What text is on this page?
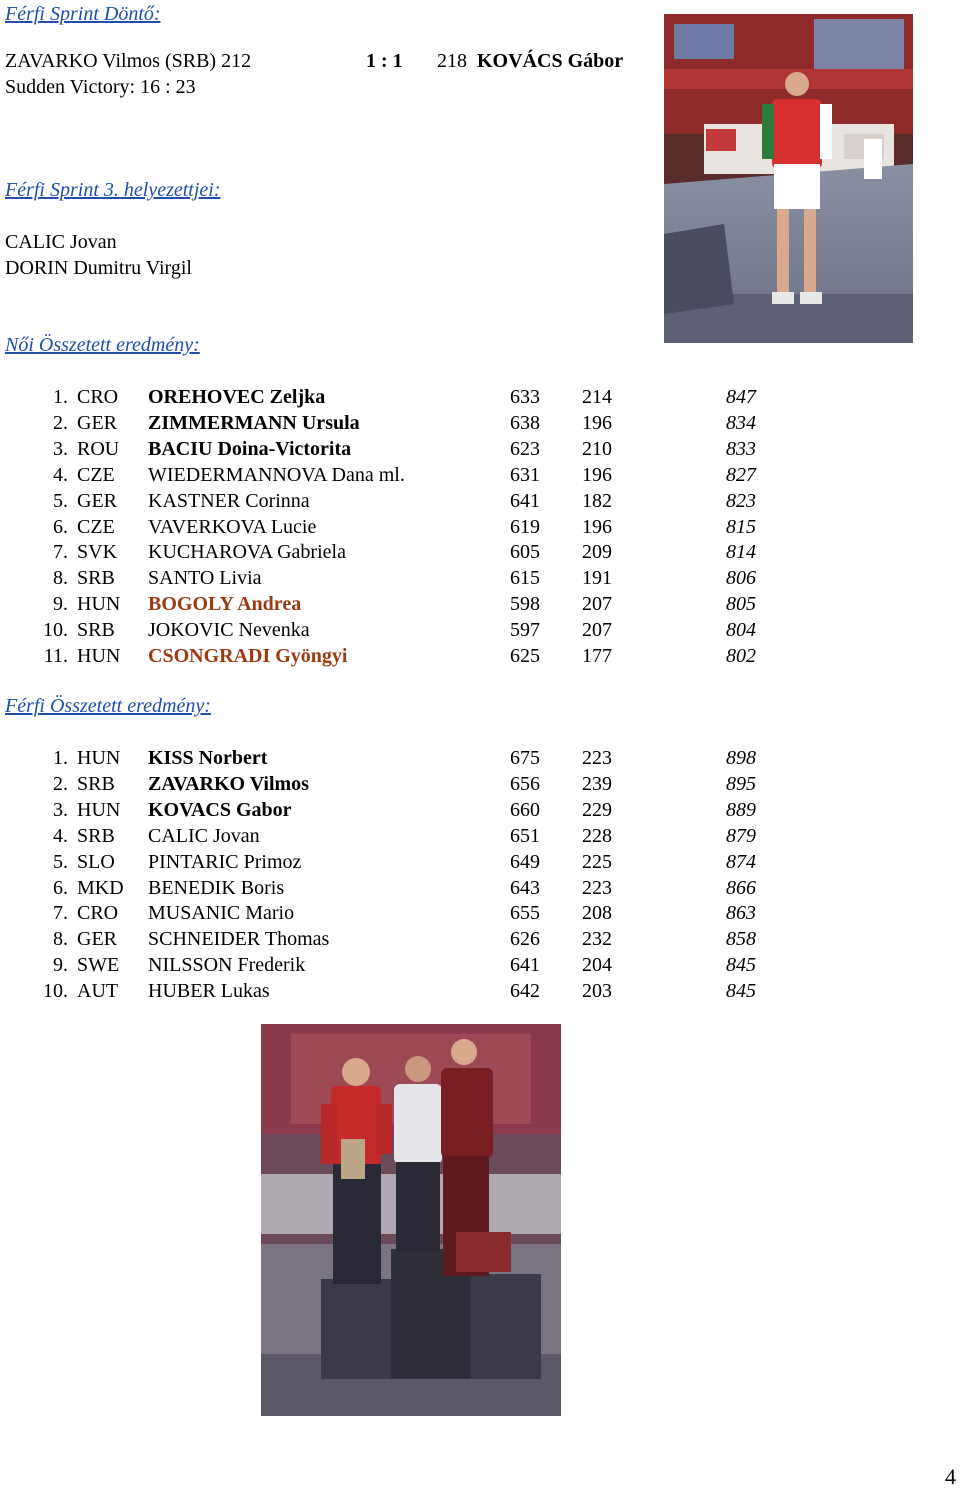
Férfi Sprint Döntő:
ZAVARKO Vilmos (SRB) 212	1 : 1 218 KOVÁCS Gábor
Sudden Victory: 16 : 23
Férfi Sprint 3. helyezettjei:
CALIC Jovan
DORIN Dumitru Virgil
Női Összetett eredmény:
1. CRO OREHOVEC Zeljka	633 214	847
2. GER ZIMMERMANN Ursula	638 196	834
3. ROU BACIU Doina-Victorita	623 210	833
4. CZE WIEDERMANNOVA Dana ml.	631 196	827
5. GER KASTNER Corinna	641 182	823
6. CZE VAVERKOVA Lucie	619 196	815
7. SVK KUCHAROVA Gabriela	605 209	814
8. SRB SANTO Livia	615 191	806
9. HUN BOGOLY Andrea	598 207	805
10. SRB JOKOVIC Nevenka	597 207	804
11. HUN CSONGRADI Gyöngyi	625 177	802
Férfi Összetett eredmény:
1. HUN KISS Norbert	675 223	898
2. SRB ZAVARKO Vilmos	656 239	895
3. HUN KOVACS Gabor	660 229	889
4. SRB CALIC Jovan	651 228	879
5. SLO PINTARIC Primoz	649 225	874
6. MKD BENEDIK Boris	643 223	866
7. CRO MUSANIC Mario	655 208	863
8. GER SCHNEIDER Thomas	626 232	858
9. SWE NILSSON Frederik	641 204	845
10. AUT HUBER Lukas	642 203	845
4
